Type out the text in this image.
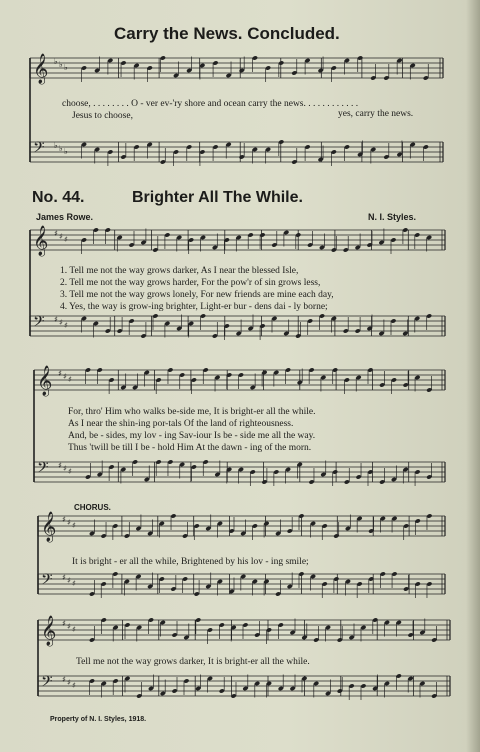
Carry the News. Concluded.
𝄞 ♭ ♭ ♭
𝄢 ♭ ♭ ♭
𝄞 ♯ ♯ ♯
𝄢 ♯ ♯ ♯
𝄞 ♯ ♯ ♯
𝄢 ♯ ♯ ♯
𝄞 ♯ ♯ ♯
𝄢 ♯ ♯ ♯
𝄞 ♯ ♯ ♯
𝄢 ♯ ♯ ♯
choose, . . . . . . . . O - ver ev-'ry shore and ocean carry the news. . . . . . . . . . . .
Jesus to choose,	yes, carry the news.
No. 44.	Brighter All The While.
James Rowe.	N. I. Styles.
1. Tell me not the way grows darker, As I near the blessed Isle,
2. Tell me not the way grows harder, For the pow'r of sin grows less,
3. Tell me not the way grows lonely, For new friends are mine each day,
4. Yes, the way is grow-ing brighter, Light-er bur - dens dai - ly borne;
For, thro' Him who walks be-side me, It is bright-er all the while.
As I near the shin-ing por-tals Of the land of righteousness.
And, be - sides, my lov - ing Sav-iour Is be - side me all the way.
Thus 'twill be till I be - hold Him At the dawn - ing of the morn.
CHORUS.
It is bright - er all the while, Brightened by his lov - ing smile;
Tell me not the way grows darker, It is bright-er all the while.
Property of N. I. Styles, 1918.
